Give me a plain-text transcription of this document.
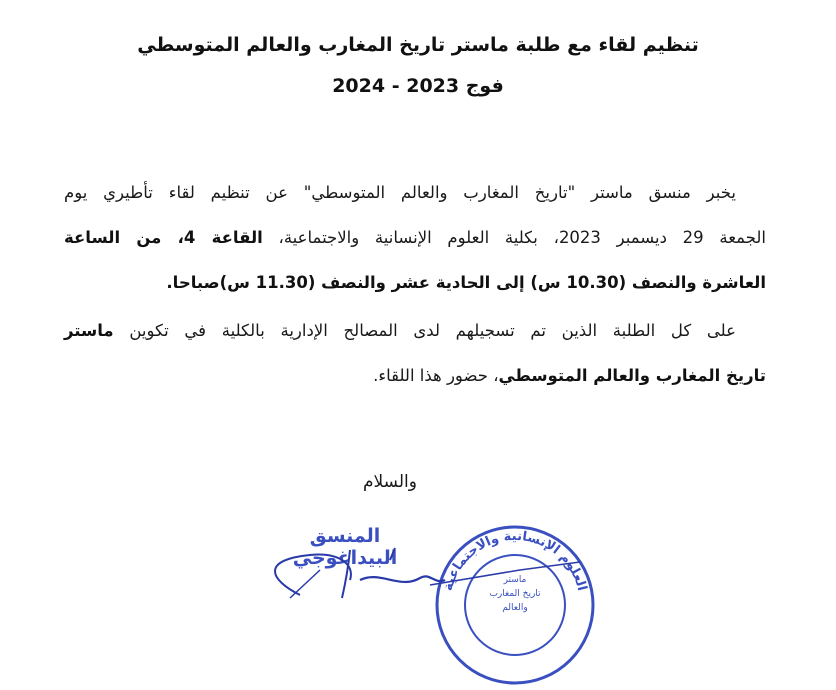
تنظيم لقاء مع طلبة ماستر تاريخ المغارب والعالم المتوسطي
فوج 2023 - 2024
يخبر منسق ماستر "تاريخ المغارب والعالم المتوسطي" عن تنظيم لقاء تأطيري يوم
الجمعة 29 ديسمبر 2023، بكلية العلوم الإنسانية والاجتماعية، القاعة 4، من الساعة
العاشرة والنصف (10.30 س) إلى الحادية عشر والنصف (11.30 س)صباحا.
على كل الطلبة الذين تم تسجيلهم لدى المصالح الإدارية بالكلية في تكوين ماستر
تاريخ المغارب والعالم المتوسطي، حضور هذا اللقاء.
والسلام
المنسق البيداغوجي
العلوم الإنسانية والاجتماعية
ماستر
تاريخ المغارب
والعالم
